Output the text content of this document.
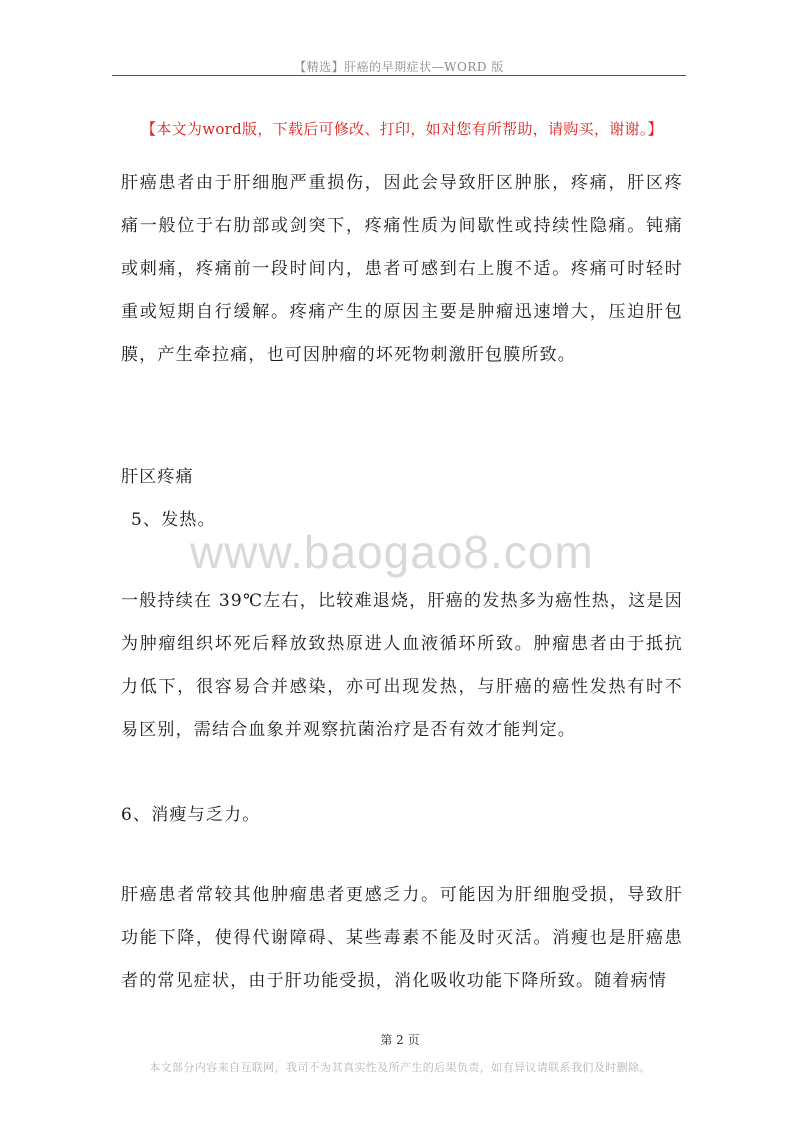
【精选】肝癌的早期症状—WORD 版
【本文为word版，下载后可修改、打印，如对您有所帮助，请购买，谢谢。】
肝癌患者由于肝细胞严重损伤，因此会导致肝区肿胀，疼痛，肝区疼痛一般位于右肋部或剑突下，疼痛性质为间歇性或持续性隐痛。钝痛或刺痛，疼痛前一段时间内，患者可感到右上腹不适。疼痛可时轻时重或短期自行缓解。疼痛产生的原因主要是肿瘤迅速增大，压迫肝包膜，产生牵拉痛，也可因肿瘤的坏死物刺激肝包膜所致。
肝区疼痛
5、发热。
www.baogao8.com
一般持续在 39℃左右，比较难退烧，肝癌的发热多为癌性热，这是因为肿瘤组织坏死后释放致热原进人血液循环所致。肿瘤患者由于抵抗力低下，很容易合并感染，亦可出现发热，与肝癌的癌性发热有时不易区别，需结合血象并观察抗菌治疗是否有效才能判定。
6、消瘦与乏力。
肝癌患者常较其他肿瘤患者更感乏力。可能因为肝细胞受损，导致肝功能下降，使得代谢障碍、某些毒素不能及时灭活。消瘦也是肝癌患者的常见症状，由于肝功能受损，消化吸收功能下降所致。随着病情
第 2 页
本文部分内容来自互联网，我司不为其真实性及所产生的后果负责，如有异议请联系我们及时删除。
